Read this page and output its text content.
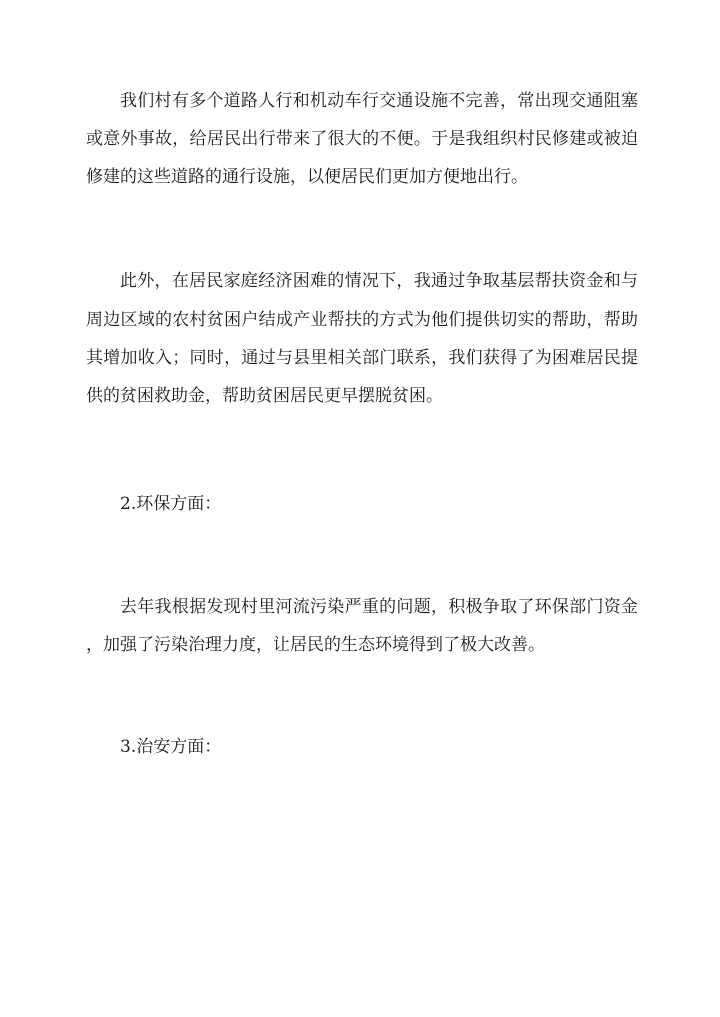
我们村有多个道路人行和机动车行交通设施不完善，常出现交通阻塞
或意外事故，给居民出行带来了很大的不便。于是我组织村民修建或被迫
修建的这些道路的通行设施，以便居民们更加方便地出行。
此外，在居民家庭经济困难的情况下，我通过争取基层帮扶资金和与
周边区域的农村贫困户结成产业帮扶的方式为他们提供切实的帮助，帮助
其增加收入；同时，通过与县里相关部门联系，我们获得了为困难居民提
供的贫困救助金，帮助贫困居民更早摆脱贫困。
2.环保方面：
去年我根据发现村里河流污染严重的问题，积极争取了环保部门资金
，加强了污染治理力度，让居民的生态环境得到了极大改善。
3.治安方面：
